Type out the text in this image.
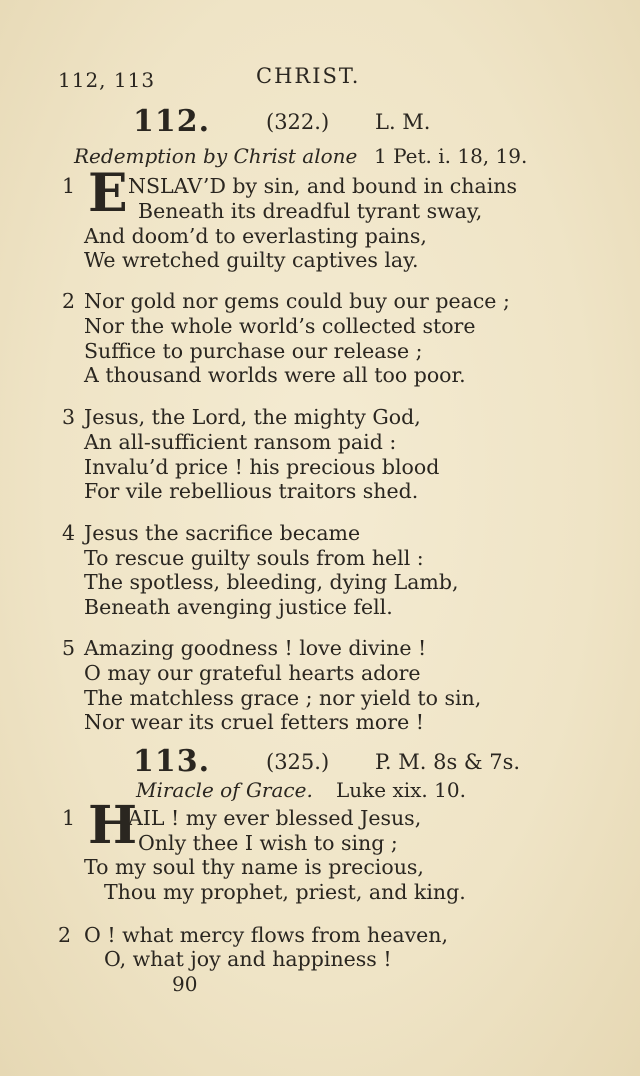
112, 113	CHRIST.
112.	(322.) L. M.
Redemption by Christ alone 1 Pet. i. 18, 19.
1 E NSLAV’D by sin, and bound in chains
Beneath its dreadful tyrant sway,
And doom’d to everlasting pains,
We wretched guilty captives lay.
2 Nor gold nor gems could buy our peace ;
Nor the whole world’s collected store
Suffice to purchase our release ;
A thousand worlds were all too poor.
3 Jesus, the Lord, the mighty God,
An all-sufficient ransom paid :
Invalu’d price ! his precious blood
For vile rebellious traitors shed.
4 Jesus the sacrifice became
To rescue guilty souls from hell :
The spotless, bleeding, dying Lamb,
Beneath avenging justice fell.
5 Amazing goodness ! love divine !
O may our grateful hearts adore
The matchless grace ; nor yield to sin,
Nor wear its cruel fetters more !
113.	(325.) P. M. 8s & 7s.
Miracle of Grace. Luke xix. 10.
1 H
AIL ! my ever blessed Jesus,
Only thee I wish to sing ;
To my soul thy name is precious,
Thou my prophet, priest, and king.
2 O ! what mercy flows from heaven,
O, what joy and happiness !
90
